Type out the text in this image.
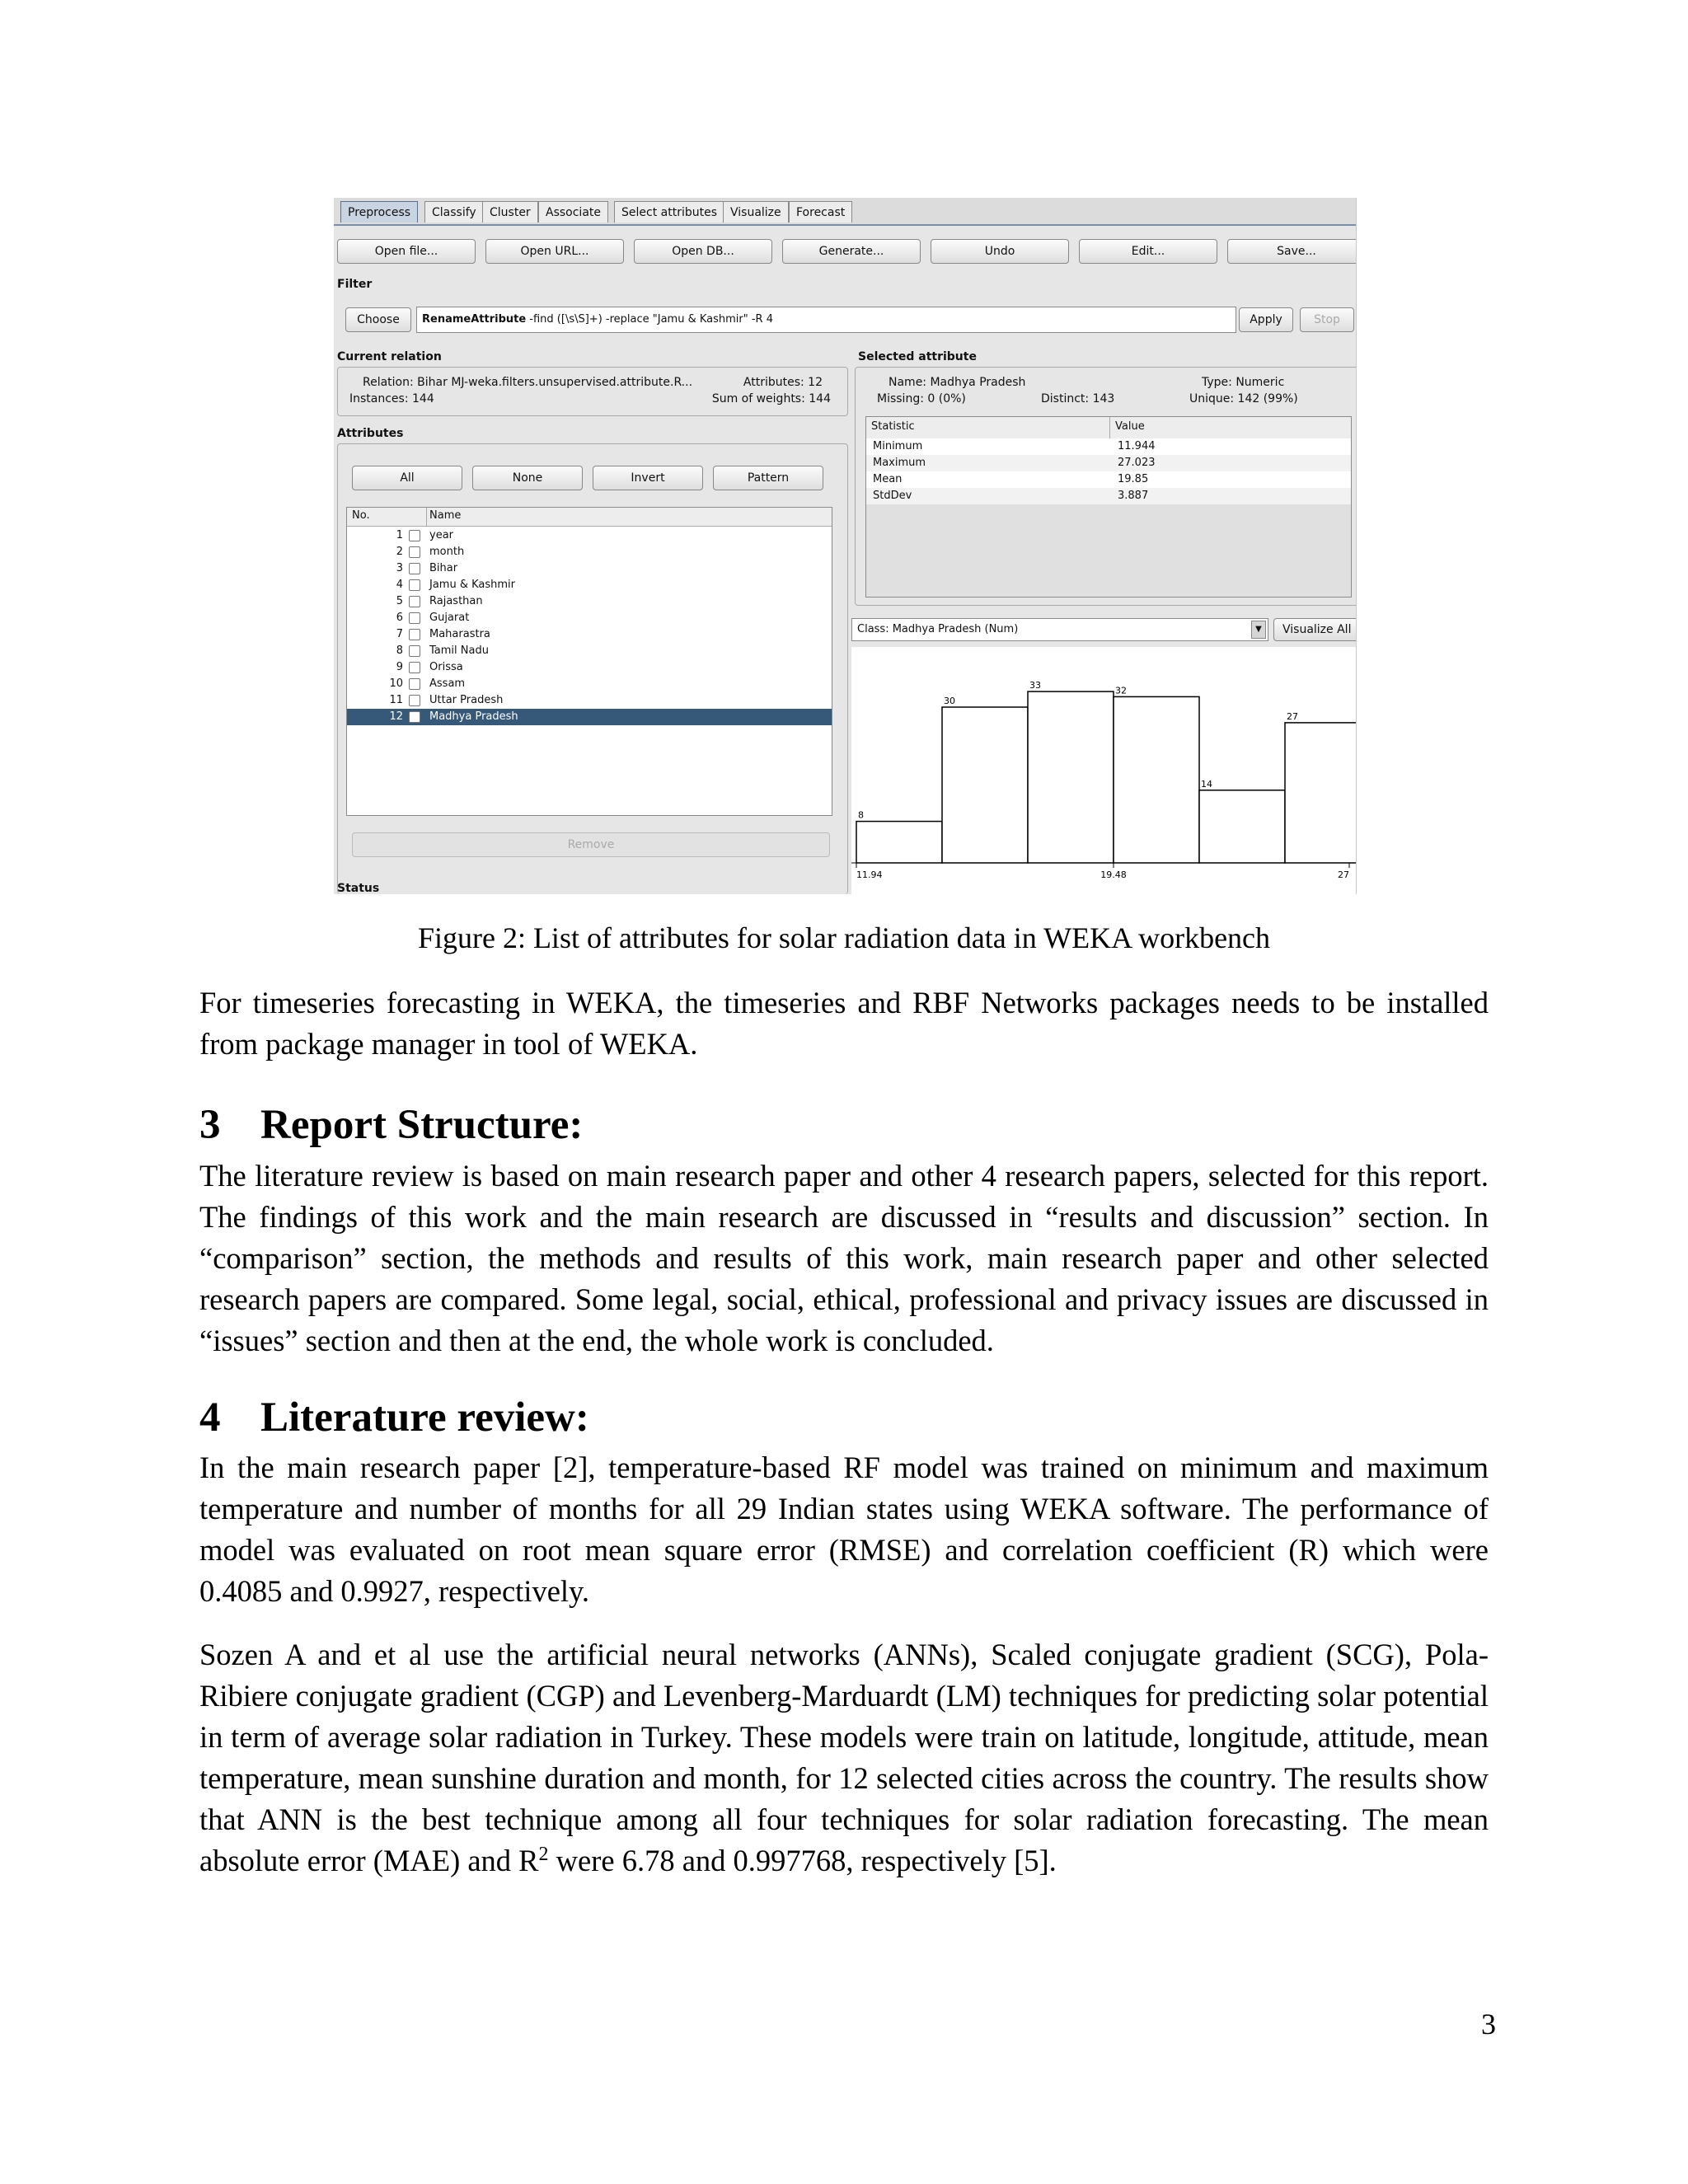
Preprocess	Classify	Cluster	Associate	Select attributes	Visualize	Forecast
Open file...	Open URL...	Open DB...	Generate...	Undo	Edit...	Save...
Filter
Choose	RenameAttribute -find ([\s\S]+) -replace "Jamu & Kashmir" -R 4	Apply	Stop
Current relation
Relation: Bihar MJ-weka.filters.unsupervised.attribute.R...
Instances: 144
Attributes: 12
Sum of weights: 144
Attributes
All	None	Invert	Pattern
No.	Name
1 year
2 month
3 Bihar
4 Jamu & Kashmir
5 Rajasthan
6 Gujarat
7 Maharastra
8 Tamil Nadu
9 Orissa
10 Assam
11 Uttar Pradesh
12 Madhya Pradesh
Remove
Status
Selected attribute
Name: Madhya Pradesh
Missing: 0 (0%)	Distinct: 143
Type: Numeric
Unique: 142 (99%)
Statistic	Value
Minimum	11.944
Maximum	27.023
Mean	19.85
StdDev	3.887
Class: Madhya Pradesh (Num)	▼	Visualize All
8
30
33	32
14
27
11.94	19.48	27
Figure 2: List of attributes for solar radiation data in WEKA workbench

For timeseries forecasting in WEKA, the timeseries and RBF Networks packages needs to be installed from package manager in tool of WEKA.

3 Report Structure:

The literature review is based on main research paper and other 4 research papers, selected for this report. The findings of this work and the main research are discussed in “results and discussion” section. In “comparison” section, the methods and results of this work, main research paper and other selected research papers are compared. Some legal, social, ethical, professional and privacy issues are discussed in “issues” section and then at the end, the whole work is concluded.

4 Literature review:

In the main research paper [2], temperature-based RF model was trained on minimum and maximum temperature and number of months for all 29 Indian states using WEKA software. The performance of model was evaluated on root mean square error (RMSE) and correlation coefficient (R) which were 0.4085 and 0.9927, respectively.

Sozen A and et al use the artificial neural networks (ANNs), Scaled conjugate gradient (SCG), Pola-Ribiere conjugate gradient (CGP) and Levenberg-Marduardt (LM) techniques for predicting solar potential in term of average solar radiation in Turkey. These models were train on latitude, longitude, attitude, mean temperature, mean sunshine duration and month, for 12 selected cities across the country. The results show that ANN is the best technique among all four techniques for solar radiation forecasting. The mean absolute error (MAE) and $R^2$ were 6.78 and 0.997768, respectively [5].

3
